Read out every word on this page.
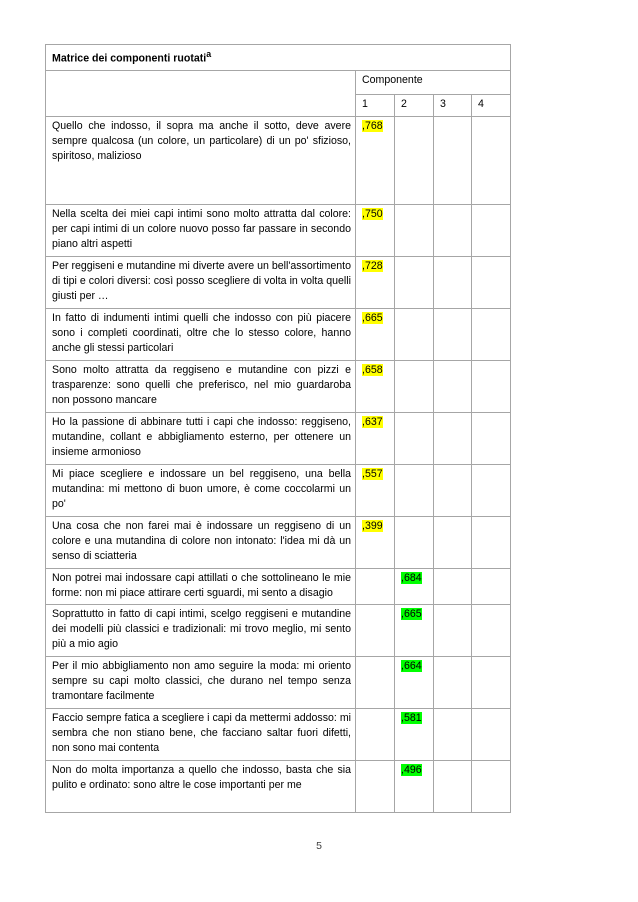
Matrice dei componenti ruotati$^a$
	Componente			
	1	2	3	4
Quello che indosso, il sopra ma anche il sotto, deve avere sempre qualcosa (un colore, un particolare) di un po' sfizioso, spiritoso, malizioso	,768			
Nella scelta dei miei capi intimi sono molto attratta dal colore: per capi intimi di un colore nuovo posso far passare in secondo piano altri aspetti	,750			
Per reggiseni e mutandine mi diverte avere un bell'assortimento di tipi e colori diversi: così posso scegliere di volta in volta quelli giusti per …	,728			
In fatto di indumenti intimi quelli che indosso con più piacere sono i completi coordinati, oltre che lo stesso colore, hanno anche gli stessi particolari	,665			
Sono molto attratta da reggiseno e mutandine con pizzi e trasparenze: sono quelli che preferisco, nel mio guardaroba non possono mancare	,658			
Ho la passione di abbinare tutti i capi che indosso: reggiseno, mutandine, collant e abbigliamento esterno, per ottenere un insieme armonioso	,637			
Mi piace scegliere e indossare un bel reggiseno, una bella mutandina: mi mettono di buon umore, è come coccolarmi un po'	,557			
Una cosa che non farei mai è indossare un reggiseno di un colore e una mutandina di colore non intonato: l'idea mi dà un senso di sciatteria	,399			
Non potrei mai indossare capi attillati o che sottolineano le mie forme: non mi piace attirare certi sguardi, mi sento a disagio		,684		
Soprattutto in fatto di capi intimi, scelgo reggiseni e mutandine dei modelli più classici e tradizionali: mi trovo meglio, mi sento più a mio agio		,665		
Per il mio abbigliamento non amo seguire la moda: mi oriento sempre su capi molto classici, che durano nel tempo senza tramontare facilmente		,664		
Faccio sempre fatica a scegliere i capi da mettermi addosso: mi sembra che non stiano bene, che facciano saltar fuori difetti, non sono mai contenta		,581		
Non do molta importanza a quello che indosso, basta che sia pulito e ordinato: sono altre le cose importanti per me		,496		
5
